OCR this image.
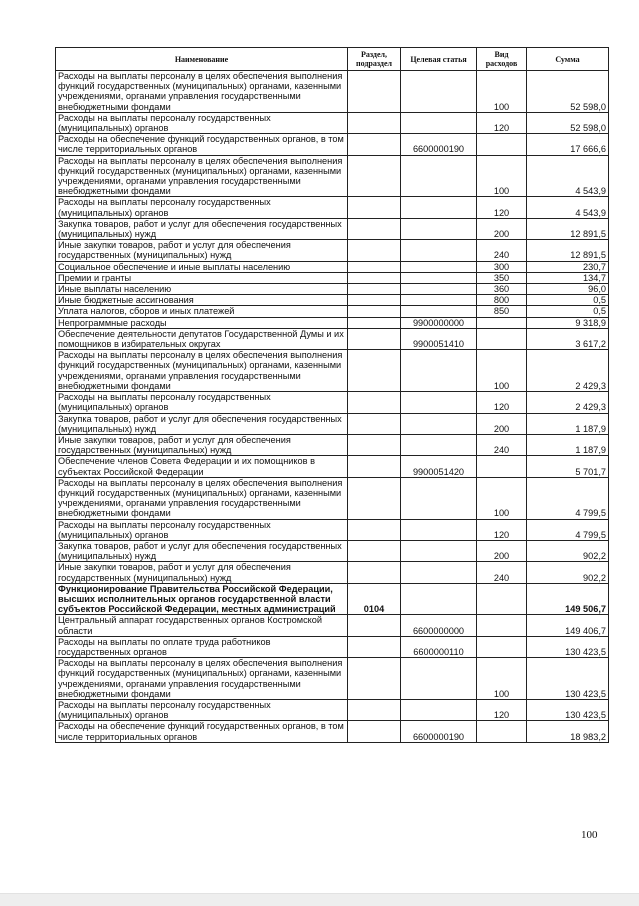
Наименование	Раздел, подраздел	Целевая статья	Вид расходов	Сумма
Расходы на выплаты персоналу в целях обеспечения выполнения функций государственных (муниципальных) органами, казенными учреждениями, органами управления государственными внебюджетными фондами			100	52 598,0
Расходы на выплаты персоналу государственных (муниципальных) органов			120	52 598,0
Расходы на обеспечение функций государственных органов, в том числе территориальных органов		6600000190		17 666,6
Расходы на выплаты персоналу в целях обеспечения выполнения функций государственных (муниципальных) органами, казенными учреждениями, органами управления государственными внебюджетными фондами			100	4 543,9
Расходы на выплаты персоналу государственных (муниципальных) органов			120	4 543,9
Закупка товаров, работ и услуг для обеспечения государственных (муниципальных) нужд			200	12 891,5
Иные закупки товаров, работ и услуг для обеспечения государственных (муниципальных) нужд			240	12 891,5
Социальное обеспечение и иные выплаты населению			300	230,7
Премии и гранты			350	134,7
Иные выплаты населению			360	96,0
Иные бюджетные ассигнования			800	0,5
Уплата налогов, сборов и иных платежей			850	0,5
Непрограммные расходы		9900000000		9 318,9
Обеспечение деятельности депутатов Государственной Думы и их помощников в избирательных округах		9900051410		3 617,2
Расходы на выплаты персоналу в целях обеспечения выполнения функций государственных (муниципальных) органами, казенными учреждениями, органами управления государственными внебюджетными фондами			100	2 429,3
Расходы на выплаты персоналу государственных (муниципальных) органов			120	2 429,3
Закупка товаров, работ и услуг для обеспечения государственных (муниципальных) нужд			200	1 187,9
Иные закупки товаров, работ и услуг для обеспечения государственных (муниципальных) нужд			240	1 187,9
Обеспечение членов Совета Федерации и их помощников в субъектах Российской Федерации		9900051420		5 701,7
Расходы на выплаты персоналу в целях обеспечения выполнения функций государственных (муниципальных) органами, казенными учреждениями, органами управления государственными внебюджетными фондами			100	4 799,5
Расходы на выплаты персоналу государственных (муниципальных) органов			120	4 799,5
Закупка товаров, работ и услуг для обеспечения государственных (муниципальных) нужд			200	902,2
Иные закупки товаров, работ и услуг для обеспечения государственных (муниципальных) нужд			240	902,2
Функционирование Правительства Российской Федерации, высших исполнительных органов государственной власти субъектов Российской Федерации, местных администраций	0104			149 506,7
Центральный аппарат государственных органов Костромской области		6600000000		149 406,7
Расходы на выплаты по оплате труда работников государственных органов		6600000110		130 423,5
Расходы на выплаты персоналу в целях обеспечения выполнения функций государственных (муниципальных) органами, казенными учреждениями, органами управления государственными внебюджетными фондами			100	130 423,5
Расходы на выплаты персоналу государственных (муниципальных) органов			120	130 423,5
Расходы на обеспечение функций государственных органов, в том числе территориальных органов		6600000190		18 983,2
100
